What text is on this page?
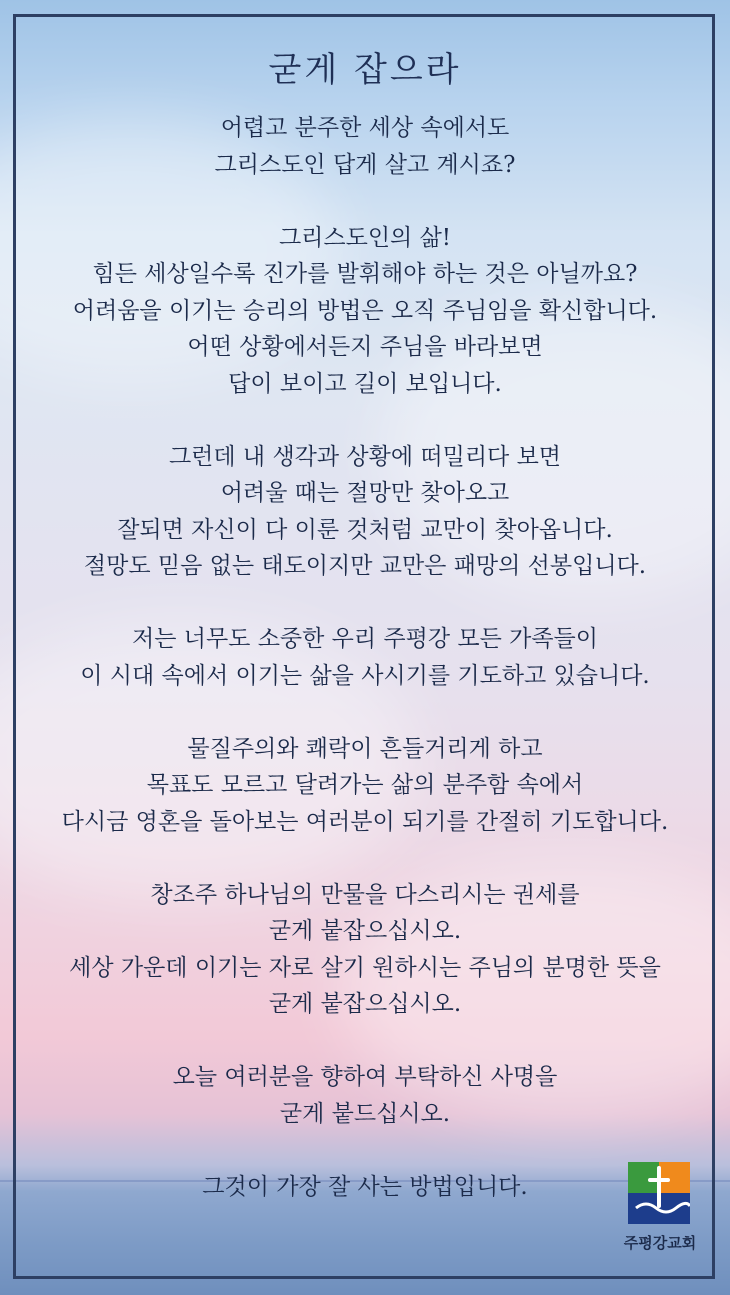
굳게 잡으라
어렵고 분주한 세상 속에서도
그리스도인 답게 살고 계시죠?
그리스도인의 삶!
힘든 세상일수록 진가를 발휘해야 하는 것은 아닐까요?
어려움을 이기는 승리의 방법은 오직 주님임을 확신합니다.
어떤 상황에서든지 주님을 바라보면
답이 보이고 길이 보입니다.
그런데 내 생각과 상황에 떠밀리다 보면
어려울 때는 절망만 찾아오고
잘되면 자신이 다 이룬 것처럼 교만이 찾아옵니다.
절망도 믿음 없는 태도이지만 교만은 패망의 선봉입니다.
저는 너무도 소중한 우리 주평강 모든 가족들이
이 시대 속에서 이기는 삶을 사시기를 기도하고 있습니다.
물질주의와 쾌락이 흔들거리게 하고
목표도 모르고 달려가는 삶의 분주함 속에서
다시금 영혼을 돌아보는 여러분이 되기를 간절히 기도합니다.
창조주 하나님의 만물을 다스리시는 권세를
굳게 붙잡으십시오.
세상 가운데 이기는 자로 살기 원하시는 주님의 분명한 뜻을
굳게 붙잡으십시오.
오늘 여러분을 향하여 부탁하신 사명을
굳게 붙드십시오.
그것이 가장 잘 사는 방법입니다.
주평강교회
